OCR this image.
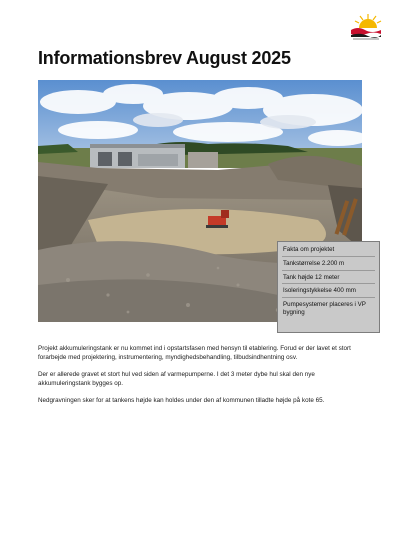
Informationsbrev August 2025
Fakta om projektet
Tankstørrelse 2.200 m
Tank højde 12 meter
Isoleringstykkelse 400 mm
Pumpesystemer placeres i VP bygning

Projekt akkumuleringstank er nu kommet ind i opstartsfasen med hensyn til etablering. Forud er der lavet et stort forarbejde med projektering, instrumentering, myndighedsbehandling, tilbudsindhentning osv.

Der er allerede gravet et stort hul ved siden af varmepumperne. I det 3 meter dybe hul skal den nye akkumuleringstank bygges op.

Nedgravningen sker for at tankens højde kan holdes under den af kommunen tilladte højde på kote 65.
